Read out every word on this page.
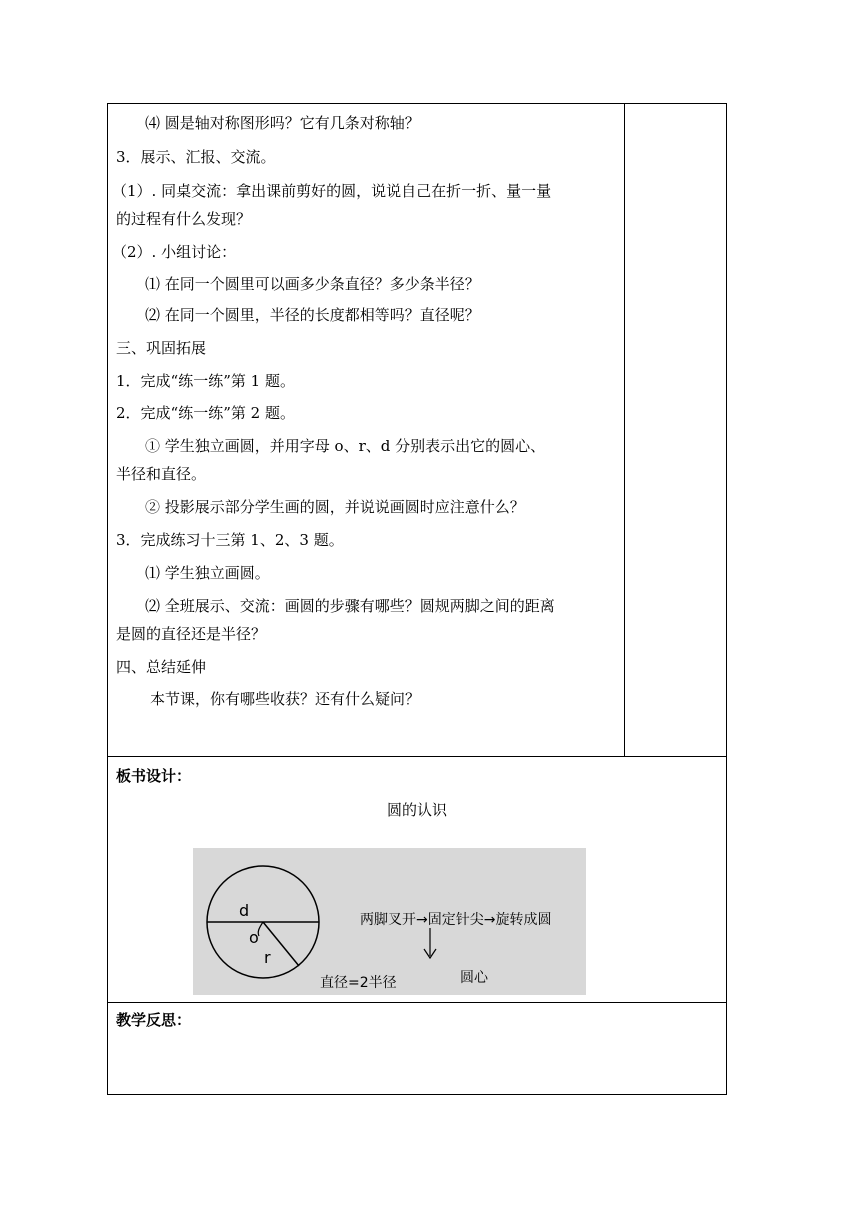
⑷ 圆是轴对称图形吗？它有几条对称轴？
3．展示、汇报、交流。
（1）. 同桌交流：拿出课前剪好的圆，说说自己在折一折、量一量
的过程有什么发现？
（2）. 小组讨论：
⑴ 在同一个圆里可以画多少条直径？多少条半径？
⑵ 在同一个圆里，半径的长度都相等吗？直径呢？
三、巩固拓展
1．完成“练一练”第 1 题。
2．完成“练一练”第 2 题。
① 学生独立画圆，并用字母 o、r、d 分别表示出它的圆心、
半径和直径。
② 投影展示部分学生画的圆，并说说画圆时应注意什么？
3．完成练习十三第 1、2、3 题。
⑴ 学生独立画圆。
⑵ 全班展示、交流：画圆的步骤有哪些？圆规两脚之间的距离
是圆的直径还是半径？
四、总结延伸
本节课，你有哪些收获？还有什么疑问？
板书设计：
圆的认识
d
o
r
两脚叉开→固定针尖→旋转成圆
直径=2半径	圆心
教学反思：
